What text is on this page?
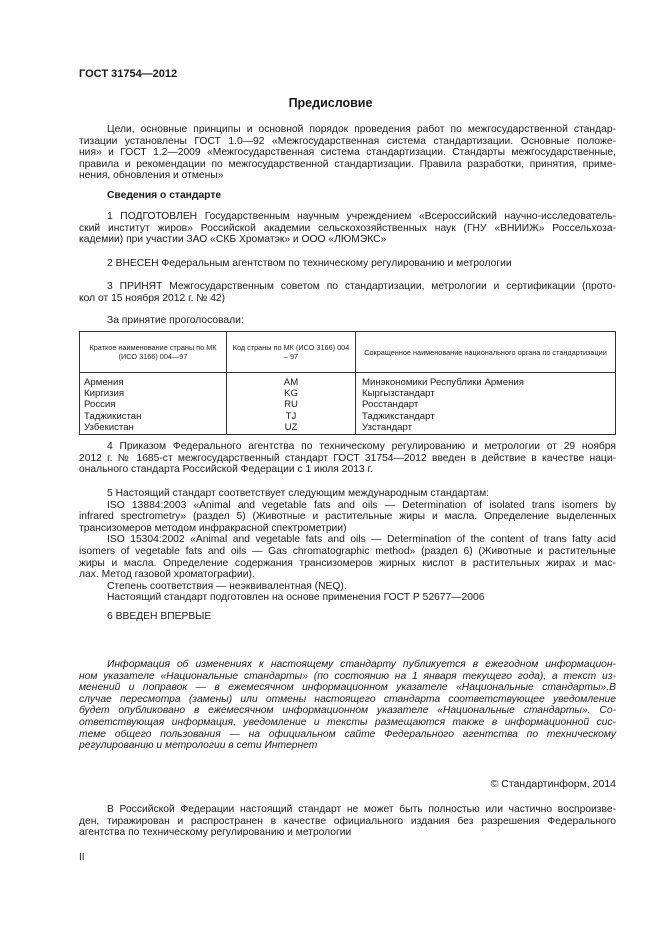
ГОСТ 31754—2012
Предисловие

Цели, основные принципы и основной порядок проведения работ по межгосударственной стандар-

тизации установлены ГОСТ 1.0—92 «Межгосударственная система стандартизации. Основные положе-

ния» и ГОСТ 1.2—2009 «Межгосударственная система стандартизации. Стандарты межгосударственные,

правила и рекомендации по межгосударственной стандартизации. Правила разработки, принятия, приме-

нения, обновления и отмены»

Сведения о стандарте

1 ПОДГОТОВЛЕН Государственным научным учреждением «Всероссийский научно-исследователь-

ский институт жиров» Российской академии сельскохозяйственных наук (ГНУ «ВНИИЖ» Россельхоза-

кадемии) при участии ЗАО «СКБ Хроматэк» и ООО «ЛЮМЭКС»

2 ВНЕСЕН Федеральным агентством по техническому регулированию и метрологии

3 ПРИНЯТ Межгосударственным советом по стандартизации, метрологии и сертификации (прото-

кол от 15 ноября 2012 г. № 42)

За принятие проголосовали:

Краткое наименование страны по МК (ИСО 3166) 004—97	Код страны по МК (ИСО 3166) 004 – 97	Сокращенное наименование национального органа по стандартизации
Армения	AM	Минэкономики Республики Армения
Киргизия	KG	Кыргызстандарт
Россия	RU	Росстандарт
Таджикистан	TJ	Таджикстандарт
Узбекистан	UZ	Узстандарт

4 Приказом Федерального агентства по техническому регулированию и метрологии от 29 ноября

2012 г. № 1685-ст межгосударственный стандарт ГОСТ 31754—2012 введен в действие в качестве наци-

онального стандарта Российской Федерации с 1 июля 2013 г.

5 Настоящий стандарт соответствует следующим международным стандартам:

ISO 13884:2003 «Animal and vegetable fats and oils — Determination of isolated trans isomers by

infrared spectrometry» (раздел 5) (Животные и растительные жиры и масла. Определение выделенных

трансизомеров методом инфракрасной спектрометрии)

ISO 15304:2002 «Animal and vegetable fats and oils — Determination of the content of trans fatty acid

isomers of vegetable fats and oils — Gas chromatographic method» (раздел 6) (Животные и растительные

жиры и масла. Определение содержания трансизомеров жирных кислот в растительных жирах и мас-

лах. Метод газовой хроматографии).

Степень соответствия — неэквивалентная (NEQ).

Настоящий стандарт подготовлен на основе применения ГОСТ Р 52677—2006

6 ВВЕДЕН ВПЕРВЫЕ

Информация об изменениях к настоящему стандарту публикуется в ежегодном информацион-

ном указателе «Национальные стандарты» (по состоянию на 1 января текущего года), а текст из-

менений и поправок — в ежемесячном информационном указателе «Национальные стандарты».В

случае пересмотра (замены) или отмены настоящего стандарта соответствующее уведомление

будет опубликовано в ежемесячном информационном указателе «Национальные стандарты». Со-

ответствующая информация, уведомление и тексты размещаются также в информационной сис-

теме общего пользования — на официальном сайте Федерального агентства по техническому

регулированию и метрологии в сети Интернет

© Стандартинформ, 2014

В Российской Федерации настоящий стандарт не может быть полностью или частично воспроизве-

ден, тиражирован и распространен в качестве официального издания без разрешения Федерального

агентства по техническому регулированию и метрологии

II
